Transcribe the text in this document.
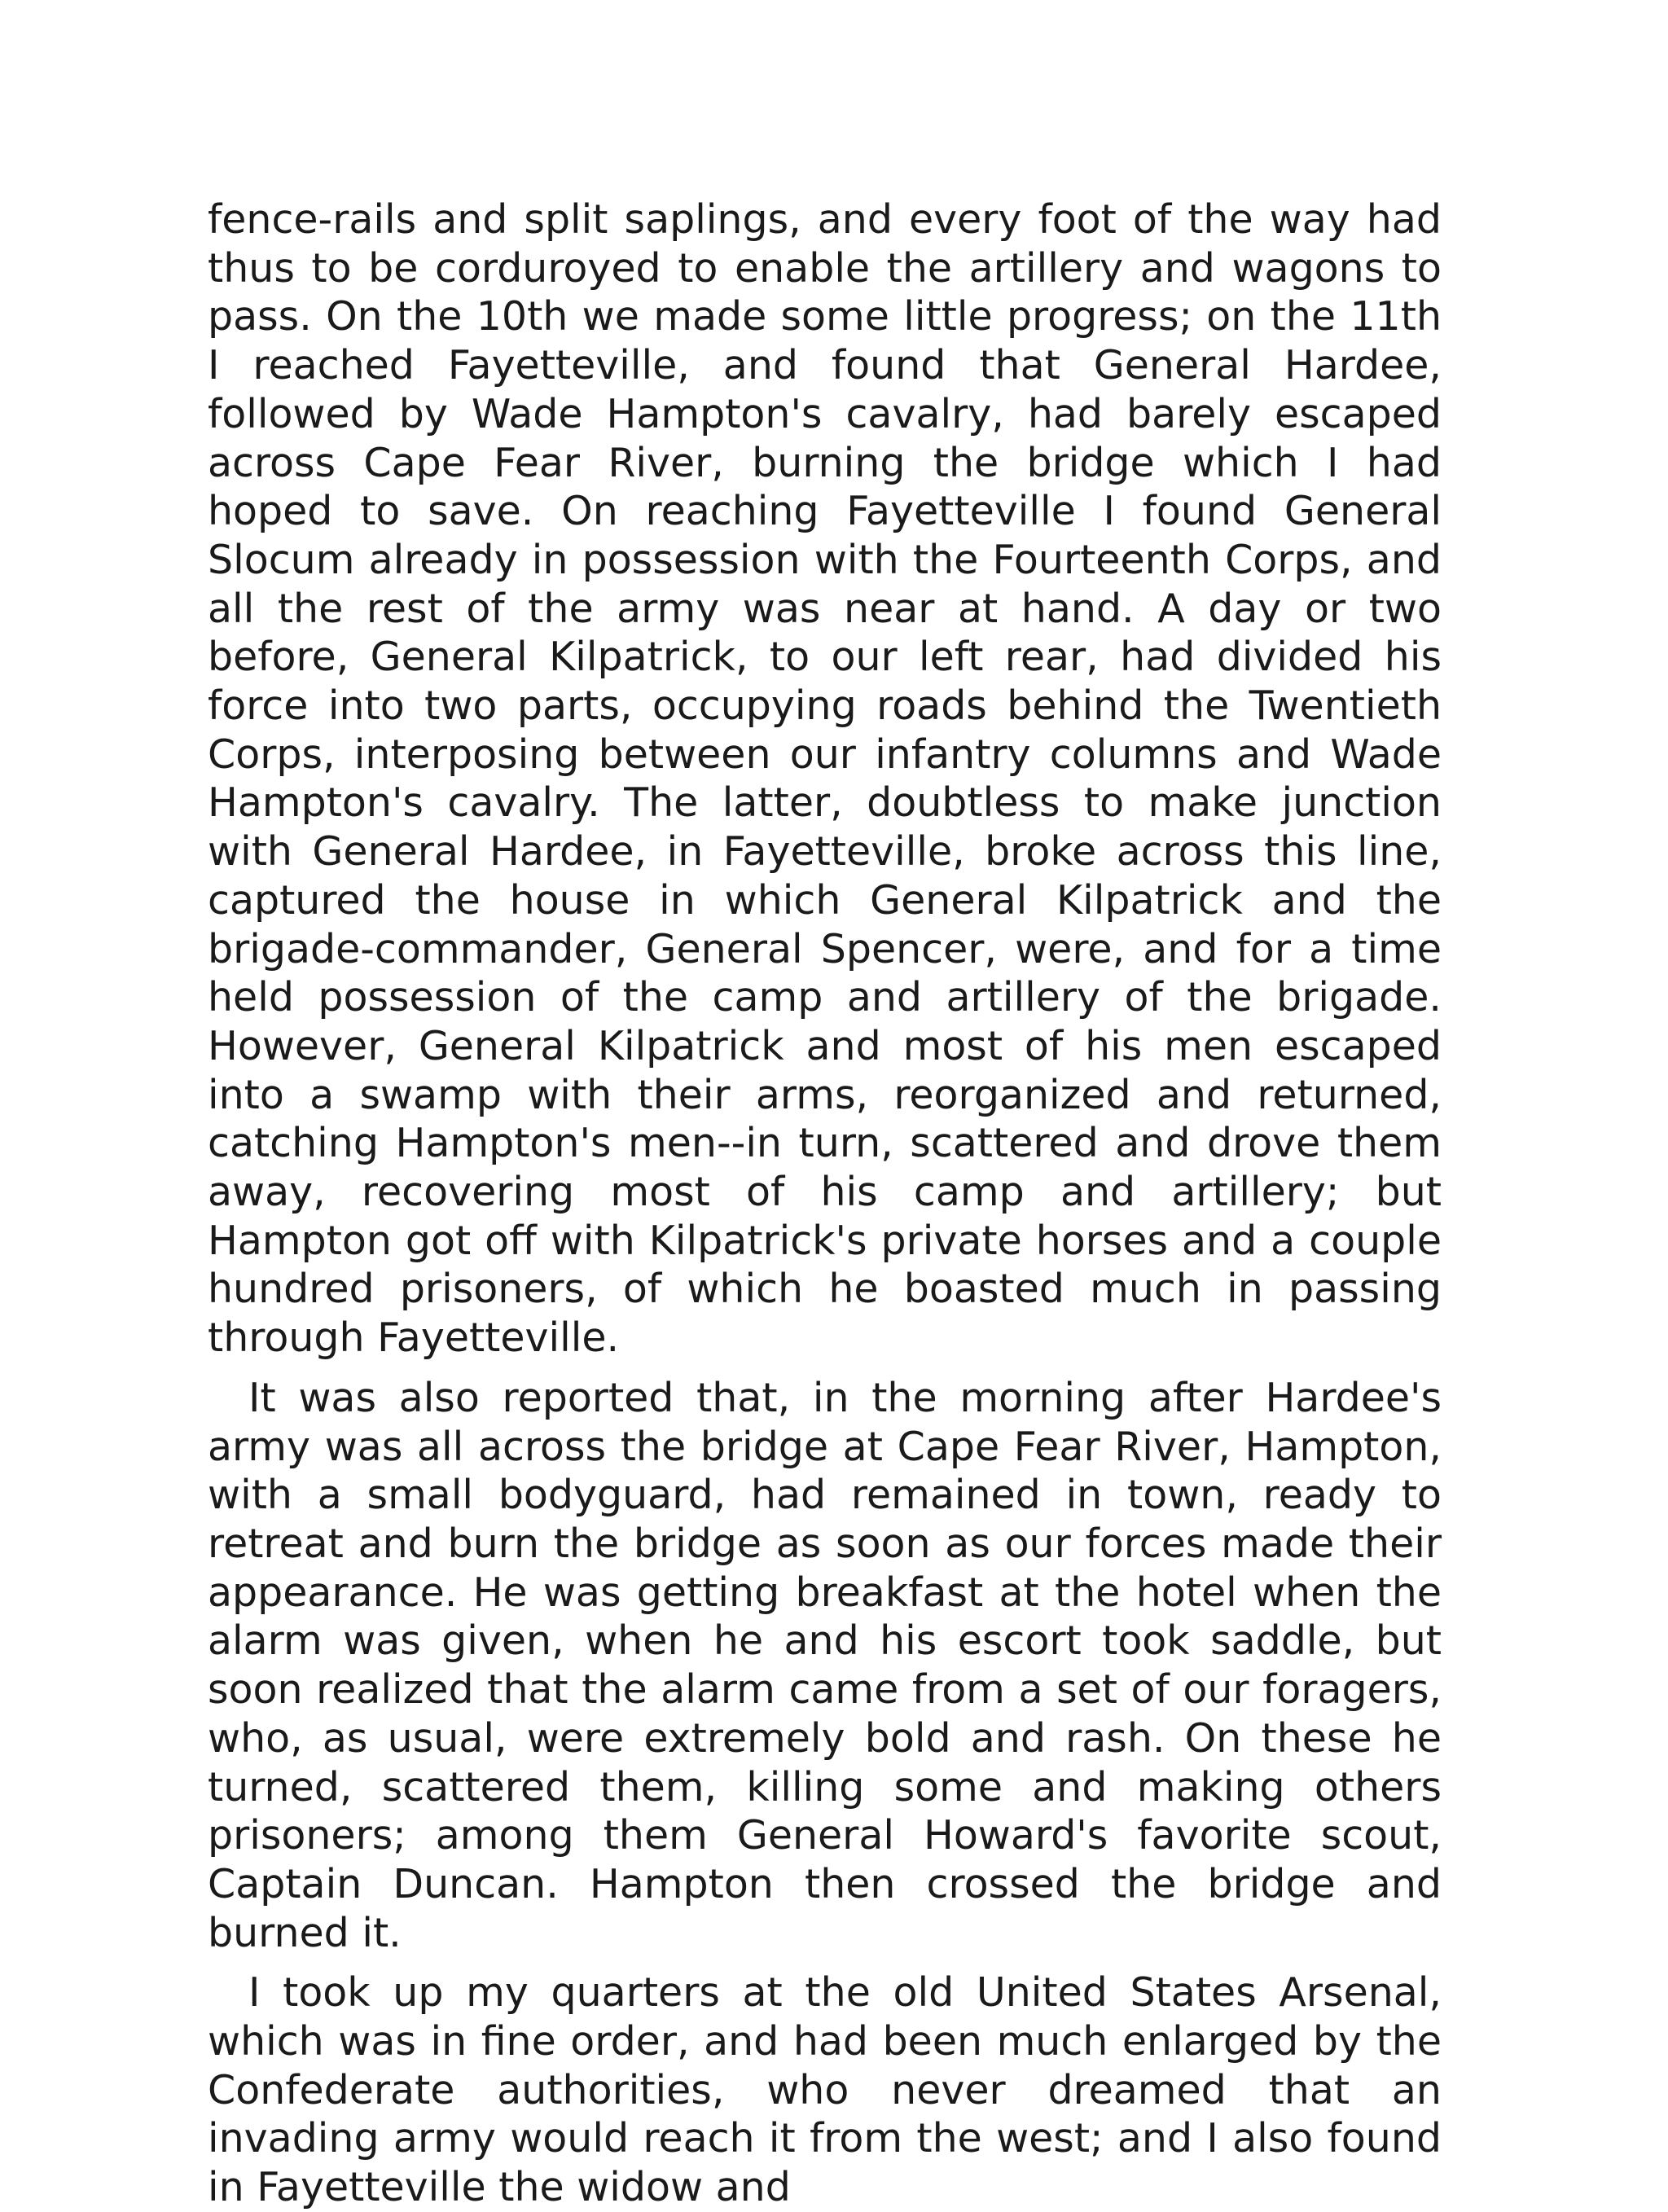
fence-rails and split saplings, and every foot of the way had thus to be corduroyed to enable the artillery and wagons to pass. On the 10th we made some little progress; on the 11th I reached Fayetteville, and found that General Hardee, followed by Wade Hampton's cavalry, had barely escaped across Cape Fear River, burning the bridge which I had hoped to save. On reaching Fayetteville I found General Slocum already in possession with the Fourteenth Corps, and all the rest of the army was near at hand. A day or two before, General Kilpatrick, to our left rear, had divided his force into two parts, occupying roads behind the Twentieth Corps, interposing between our infantry columns and Wade Hampton's cavalry. The latter, doubtless to make junction with General Hardee, in Fayetteville, broke across this line, captured the house in which General Kilpatrick and the brigade-commander, General Spencer, were, and for a time held possession of the camp and artillery of the brigade. However, General Kilpatrick and most of his men escaped into a swamp with their arms, reorganized and returned, catching Hampton's men--in turn, scattered and drove them away, recovering most of his camp and artillery; but Hampton got off with Kilpatrick's private horses and a couple hundred prisoners, of which he boasted much in passing through Fayetteville.

It was also reported that, in the morning after Hardee's army was all across the bridge at Cape Fear River, Hampton, with a small bodyguard, had remained in town, ready to retreat and burn the bridge as soon as our forces made their appearance. He was getting breakfast at the hotel when the alarm was given, when he and his escort took saddle, but soon realized that the alarm came from a set of our foragers, who, as usual, were extremely bold and rash. On these he turned, scattered them, killing some and making others prisoners; among them General Howard's favorite scout, Captain Duncan. Hampton then crossed the bridge and burned it.

I took up my quarters at the old United States Arsenal, which was in fine order, and had been much enlarged by the Confederate authorities, who never dreamed that an invading army would reach it from the west; and I also found in Fayetteville the widow and
